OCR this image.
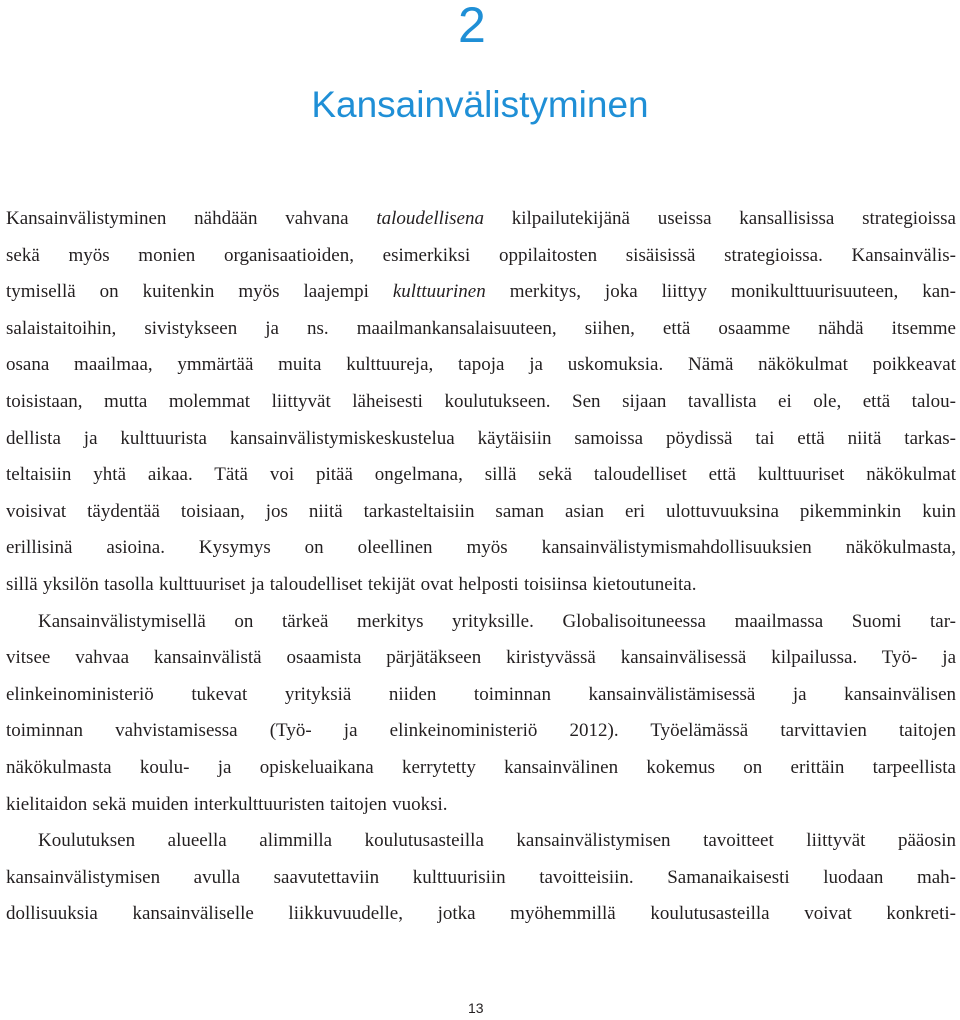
2
Kansainvälistyminen
Kansainvälistyminen nähdään vahvana taloudellisena kilpailutekijänä useissa kansallisissa strategioissa
sekä myös monien organisaatioiden, esimerkiksi oppilaitosten sisäisissä strategioissa. Kansainvälis-
tymisellä on kuitenkin myös laajempi kulttuurinen merkitys, joka liittyy monikulttuurisuuteen, kan-
salaistaitoihin, sivistykseen ja ns. maailmankansalaisuuteen, siihen, että osaamme nähdä itsemme
osana maailmaa, ymmärtää muita kulttuureja, tapoja ja uskomuksia. Nämä näkökulmat poikkeavat
toisistaan, mutta molemmat liittyvät läheisesti koulutukseen. Sen sijaan tavallista ei ole, että talou-
dellista ja kulttuurista kansainvälistymiskeskustelua käytäisiin samoissa pöydissä tai että niitä tarkas-
teltaisiin yhtä aikaa. Tätä voi pitää ongelmana, sillä sekä taloudelliset että kulttuuriset näkökulmat
voisivat täydentää toisiaan, jos niitä tarkasteltaisiin saman asian eri ulottuvuuksina pikemminkin kuin
erillisinä asioina. Kysymys on oleellinen myös kansainvälistymismahdollisuuksien näkökulmasta,
sillä yksilön tasolla kulttuuriset ja taloudelliset tekijät ovat helposti toisiinsa kietoutuneita.
Kansainvälistymisellä on tärkeä merkitys yrityksille. Globalisoituneessa maailmassa Suomi tar-
vitsee vahvaa kansainvälistä osaamista pärjätäkseen kiristyvässä kansainvälisessä kilpailussa. Työ- ja
elinkeinoministeriö tukevat yrityksiä niiden toiminnan kansainvälistämisessä ja kansainvälisen
toiminnan vahvistamisessa (Työ- ja elinkeinoministeriö 2012). Työelämässä tarvittavien taitojen
näkökulmasta koulu- ja opiskeluaikana kerrytetty kansainvälinen kokemus on erittäin tarpeellista
kielitaidon sekä muiden interkulttuuristen taitojen vuoksi.
Koulutuksen alueella alimmilla koulutusasteilla kansainvälistymisen tavoitteet liittyvät pääosin
kansainvälistymisen avulla saavutettaviin kulttuurisiin tavoitteisiin. Samanaikaisesti luodaan mah-
dollisuuksia kansainväliselle liikkuvuudelle, jotka myöhemmillä koulutusasteilla voivat konkreti-
13
